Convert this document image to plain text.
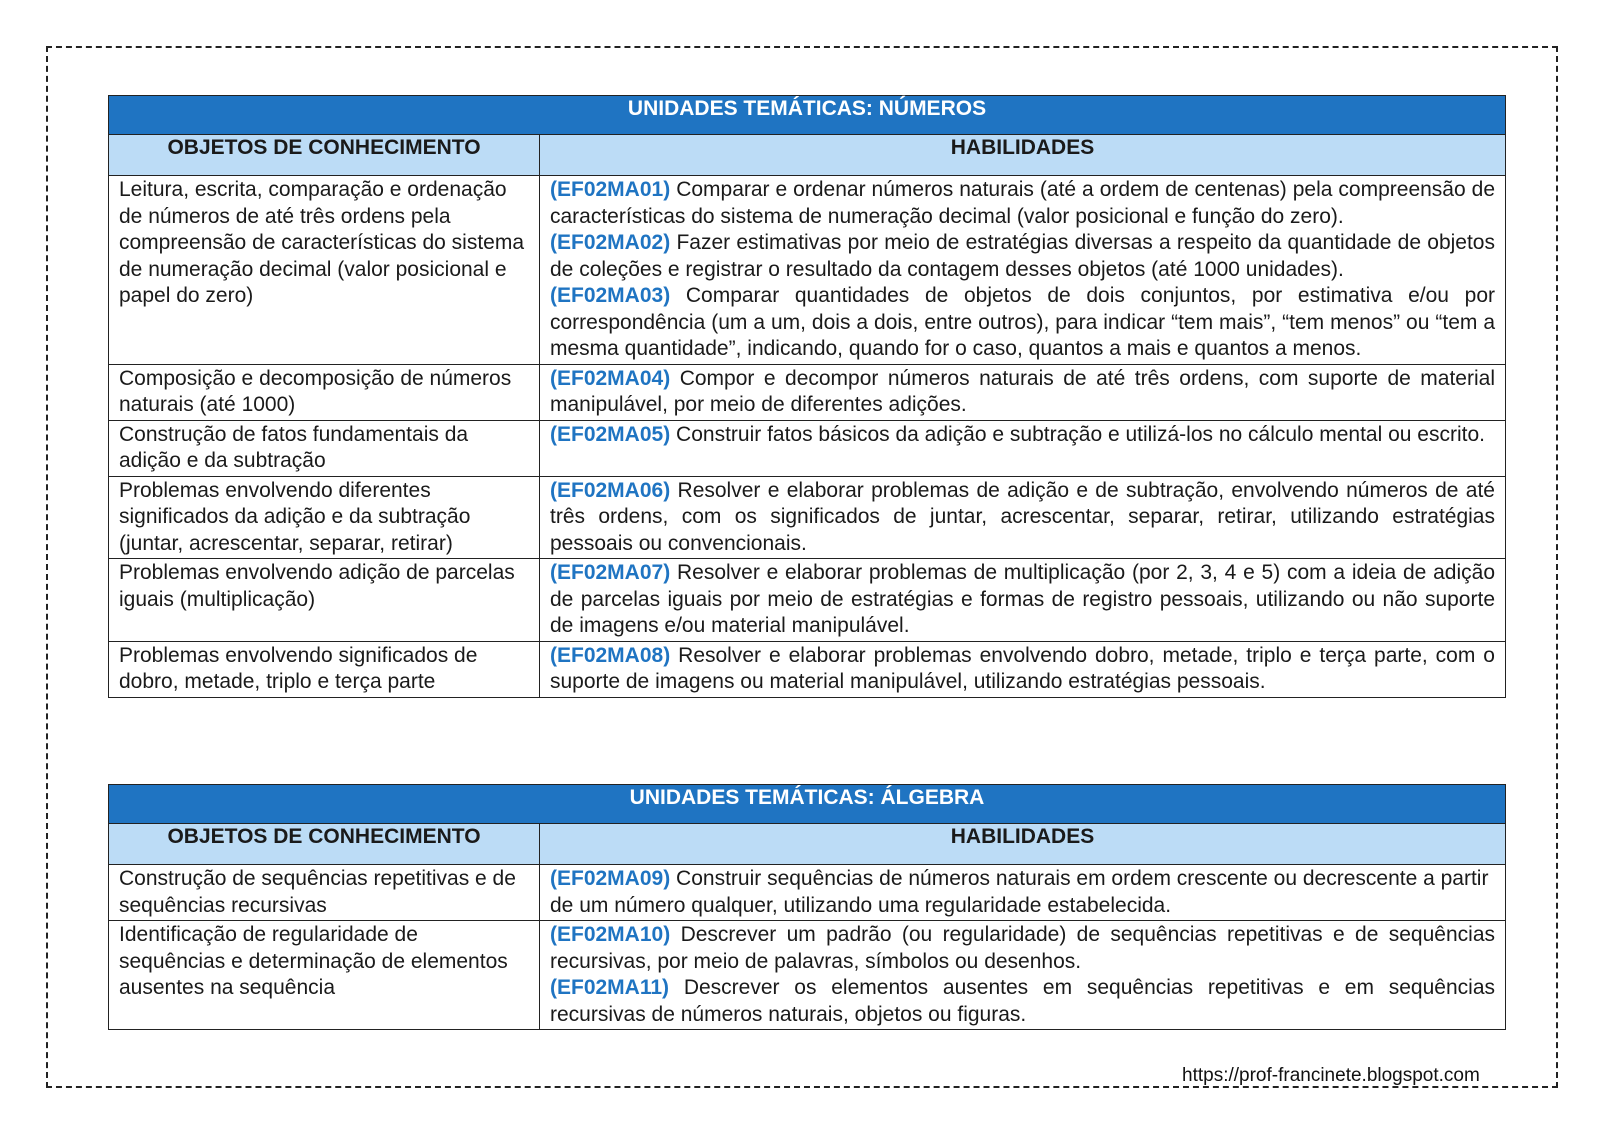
UNIDADES TEMÁTICAS: NÚMEROS	
OBJETOS DE CONHECIMENTO	HABILIDADES
Leitura, escrita, comparação e ordenação de números de até três ordens pela compreensão de características do sistema de numeração decimal (valor posicional e papel do zero)	(EF02MA01) Comparar e ordenar números naturais (até a ordem de centenas) pela compreensão de características do sistema de numeração decimal (valor posicional e função do zero).

(EF02MA02) Fazer estimativas por meio de estratégias diversas a respeito da quantidade de objetos de coleções e registrar o resultado da contagem desses objetos (até 1000 unidades).

(EF02MA03) Comparar quantidades de objetos de dois conjuntos, por estimativa e/ou por correspondência (um a um, dois a dois, entre outros), para indicar “tem mais”, “tem menos” ou “tem a mesma quantidade”, indicando, quando for o caso, quantos a mais e quantos a menos.

Composição e decomposição de números naturais (até 1000)	(EF02MA04) Compor e decompor números naturais de até três ordens, com suporte de material manipulável, por meio de diferentes adições.

Construção de fatos fundamentais da adição e da subtração	(EF02MA05) Construir fatos básicos da adição e subtração e utilizá-los no cálculo mental ou escrito.

Problemas envolvendo diferentes significados da adição e da subtração (juntar, acrescentar, separar, retirar)	(EF02MA06) Resolver e elaborar problemas de adição e de subtração, envolvendo números de até três ordens, com os significados de juntar, acrescentar, separar, retirar, utilizando estratégias pessoais ou convencionais.

Problemas envolvendo adição de parcelas iguais (multiplicação)	(EF02MA07) Resolver e elaborar problemas de multiplicação (por 2, 3, 4 e 5) com a ideia de adição de parcelas iguais por meio de estratégias e formas de registro pessoais, utilizando ou não suporte de imagens e/ou material manipulável.

Problemas envolvendo significados de dobro, metade, triplo e terça parte	(EF02MA08) Resolver e elaborar problemas envolvendo dobro, metade, triplo e terça parte, com o suporte de imagens ou material manipulável, utilizando estratégias pessoais.

UNIDADES TEMÁTICAS: ÁLGEBRA	
OBJETOS DE CONHECIMENTO	HABILIDADES
Construção de sequências repetitivas e de sequências recursivas	(EF02MA09) Construir sequências de números naturais em ordem crescente ou decrescente a partir de um número qualquer, utilizando uma regularidade estabelecida.

Identificação de regularidade de sequências e determinação de elementos ausentes na sequência	(EF02MA10) Descrever um padrão (ou regularidade) de sequências repetitivas e de sequências recursivas, por meio de palavras, símbolos ou desenhos.

(EF02MA11) Descrever os elementos ausentes em sequências repetitivas e em sequências recursivas de números naturais, objetos ou figuras.

https://prof-francinete.blogspot.com
